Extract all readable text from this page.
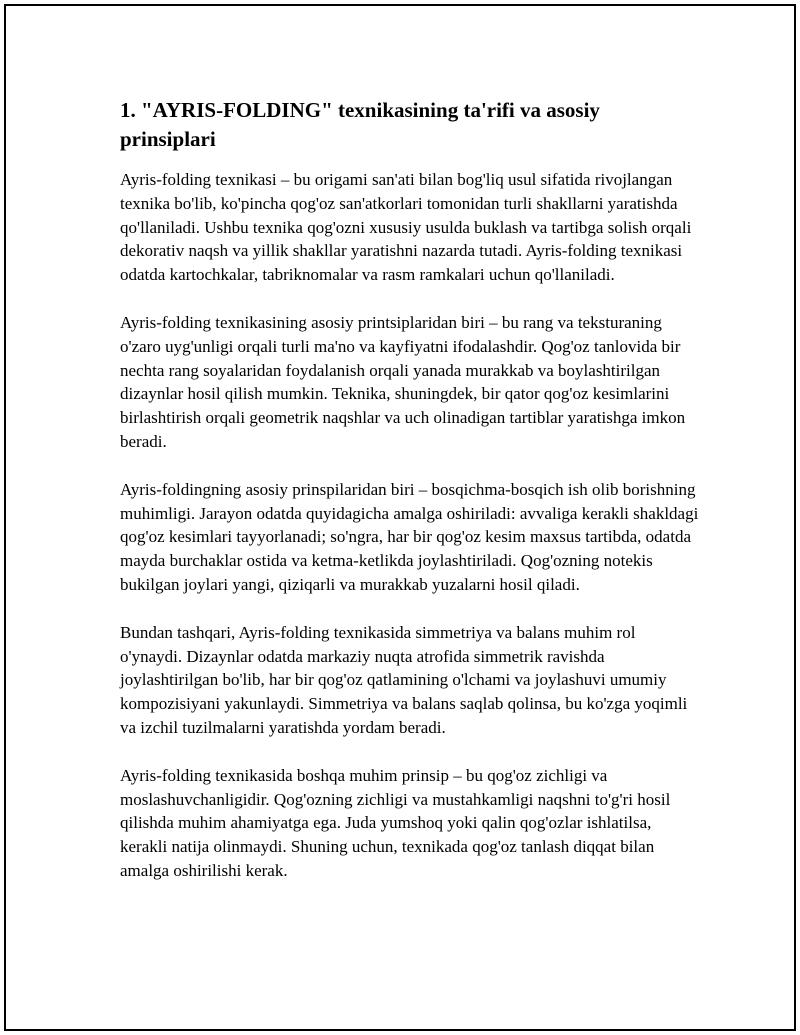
1. "AYRIS-FOLDING" texnikasining ta'rifi va asosiy prinsiplari

Ayris-folding texnikasi – bu origami san'ati bilan bog'liq usul sifatida rivojlangan texnika bo'lib, ko'pincha qog'oz san'atkorlari tomonidan turli shakllarni yaratishda qo'llaniladi. Ushbu texnika qog'ozni xususiy usulda buklash va tartibga solish orqali dekorativ naqsh va yillik shakllar yaratishni nazarda tutadi. Ayris-folding texnikasi odatda kartochkalar, tabriknomalar va rasm ramkalari uchun qo'llaniladi.

Ayris-folding texnikasining asosiy printsiplaridan biri – bu rang va teksturaning o'zaro uyg'unligi orqali turli ma'no va kayfiyatni ifodalashdir. Qog'oz tanlovida bir nechta rang soyalaridan foydalanish orqali yanada murakkab va boylashtirilgan dizaynlar hosil qilish mumkin. Teknika, shuningdek, bir qator qog'oz kesimlarini birlashtirish orqali geometrik naqshlar va uch olinadigan tartiblar yaratishga imkon beradi.

Ayris-foldingning asosiy prinspilaridan biri – bosqichma-bosqich ish olib borishning muhimligi. Jarayon odatda quyidagicha amalga oshiriladi: avvaliga kerakli shakldagi qog'oz kesimlari tayyorlanadi; so'ngra, har bir qog'oz kesim maxsus tartibda, odatda mayda burchaklar ostida va ketma-ketlikda joylashtiriladi. Qog'ozning notekis bukilgan joylari yangi, qiziqarli va murakkab yuzalarni hosil qiladi.

Bundan tashqari, Ayris-folding texnikasida simmetriya va balans muhim rol o'ynaydi. Dizaynlar odatda markaziy nuqta atrofida simmetrik ravishda joylashtirilgan bo'lib, har bir qog'oz qatlamining o'lchami va joylashuvi umumiy kompozisiyani yakunlaydi. Simmetriya va balans saqlab qolinsa, bu ko'zga yoqimli va izchil tuzilmalarni yaratishda yordam beradi.

Ayris-folding texnikasida boshqa muhim prinsip – bu qog'oz zichligi va moslashuvchanligidir. Qog'ozning zichligi va mustahkamligi naqshni to'g'ri hosil qilishda muhim ahamiyatga ega. Juda yumshoq yoki qalin qog'ozlar ishlatilsa, kerakli natija olinmaydi. Shuning uchun, texnikada qog'oz tanlash diqqat bilan amalga oshirilishi kerak.
